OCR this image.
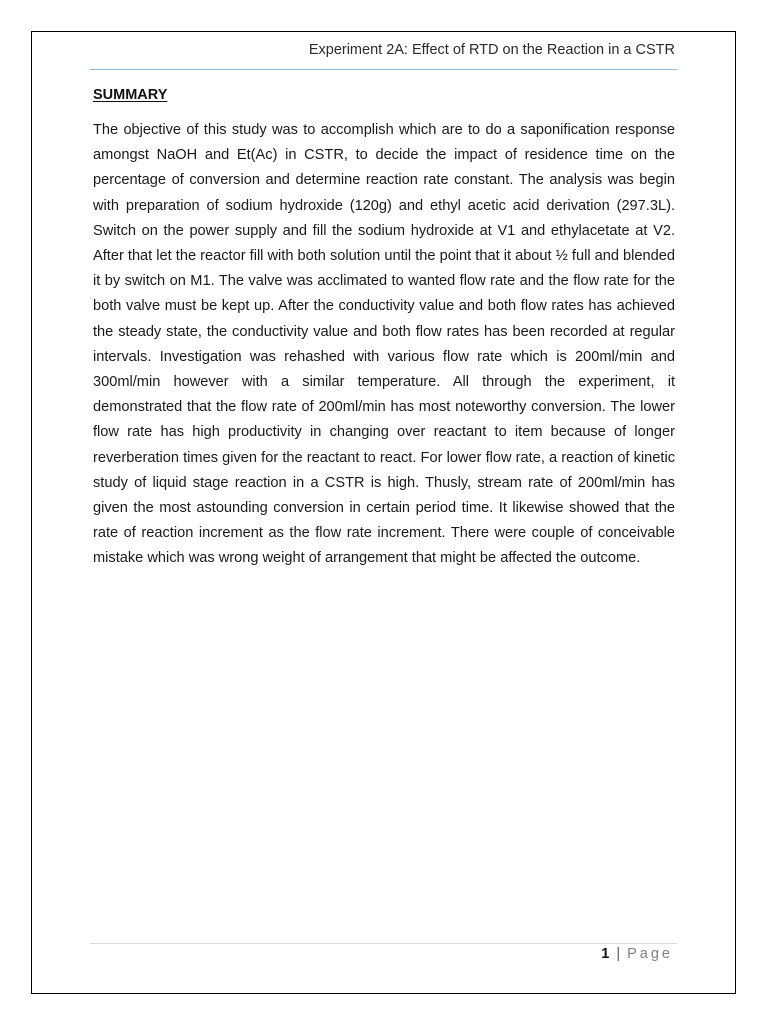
Experiment 2A: Effect of RTD on the Reaction in a CSTR
SUMMARY

The objective of this study was to accomplish which are to do a saponification response amongst NaOH and Et(Ac) in CSTR, to decide the impact of residence time on the percentage of conversion and determine reaction rate constant. The analysis was begin with preparation of sodium hydroxide (120g) and ethyl acetic acid derivation (297.3L). Switch on the power supply and fill the sodium hydroxide at V1 and ethylacetate at V2. After that let the reactor fill with both solution until the point that it about ½ full and blended it by switch on M1. The valve was acclimated to wanted flow rate and the flow rate for the both valve must be kept up. After the conductivity value and both flow rates has achieved the steady state, the conductivity value and both flow rates has been recorded at regular intervals. Investigation was rehashed with various flow rate which is 200ml/min and 300ml/min however with a similar temperature. All through the experiment, it demonstrated that the flow rate of 200ml/min has most noteworthy conversion. The lower flow rate has high productivity in changing over reactant to item because of longer reverberation times given for the reactant to react. For lower flow rate, a reaction of kinetic study of liquid stage reaction in a CSTR is high. Thusly, stream rate of 200ml/min has given the most astounding conversion in certain period time. It likewise showed that the rate of reaction increment as the flow rate increment. There were couple of conceivable mistake which was wrong weight of arrangement that might be affected the outcome.

1 | Page
